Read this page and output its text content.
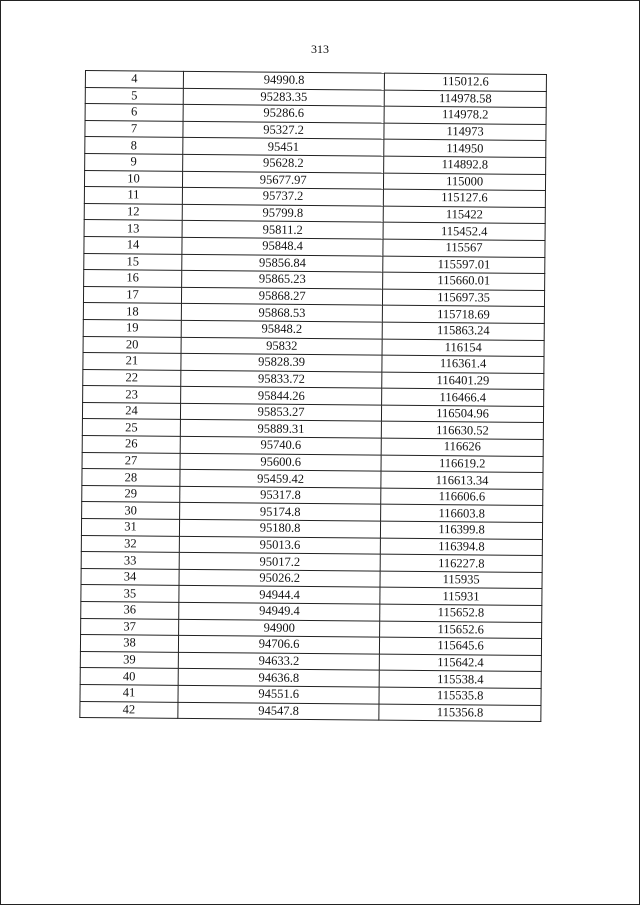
313
4	94990.8	115012.6
5	95283.35	114978.58
6	95286.6	114978.2
7	95327.2	114973
8	95451	114950
9	95628.2	114892.8
10	95677.97	115000
11	95737.2	115127.6
12	95799.8	115422
13	95811.2	115452.4
14	95848.4	115567
15	95856.84	115597.01
16	95865.23	115660.01
17	95868.27	115697.35
18	95868.53	115718.69
19	95848.2	115863.24
20	95832	116154
21	95828.39	116361.4
22	95833.72	116401.29
23	95844.26	116466.4
24	95853.27	116504.96
25	95889.31	116630.52
26	95740.6	116626
27	95600.6	116619.2
28	95459.42	116613.34
29	95317.8	116606.6
30	95174.8	116603.8
31	95180.8	116399.8
32	95013.6	116394.8
33	95017.2	116227.8
34	95026.2	115935
35	94944.4	115931
36	94949.4	115652.8
37	94900	115652.6
38	94706.6	115645.6
39	94633.2	115642.4
40	94636.8	115538.4
41	94551.6	115535.8
42	94547.8	115356.8
